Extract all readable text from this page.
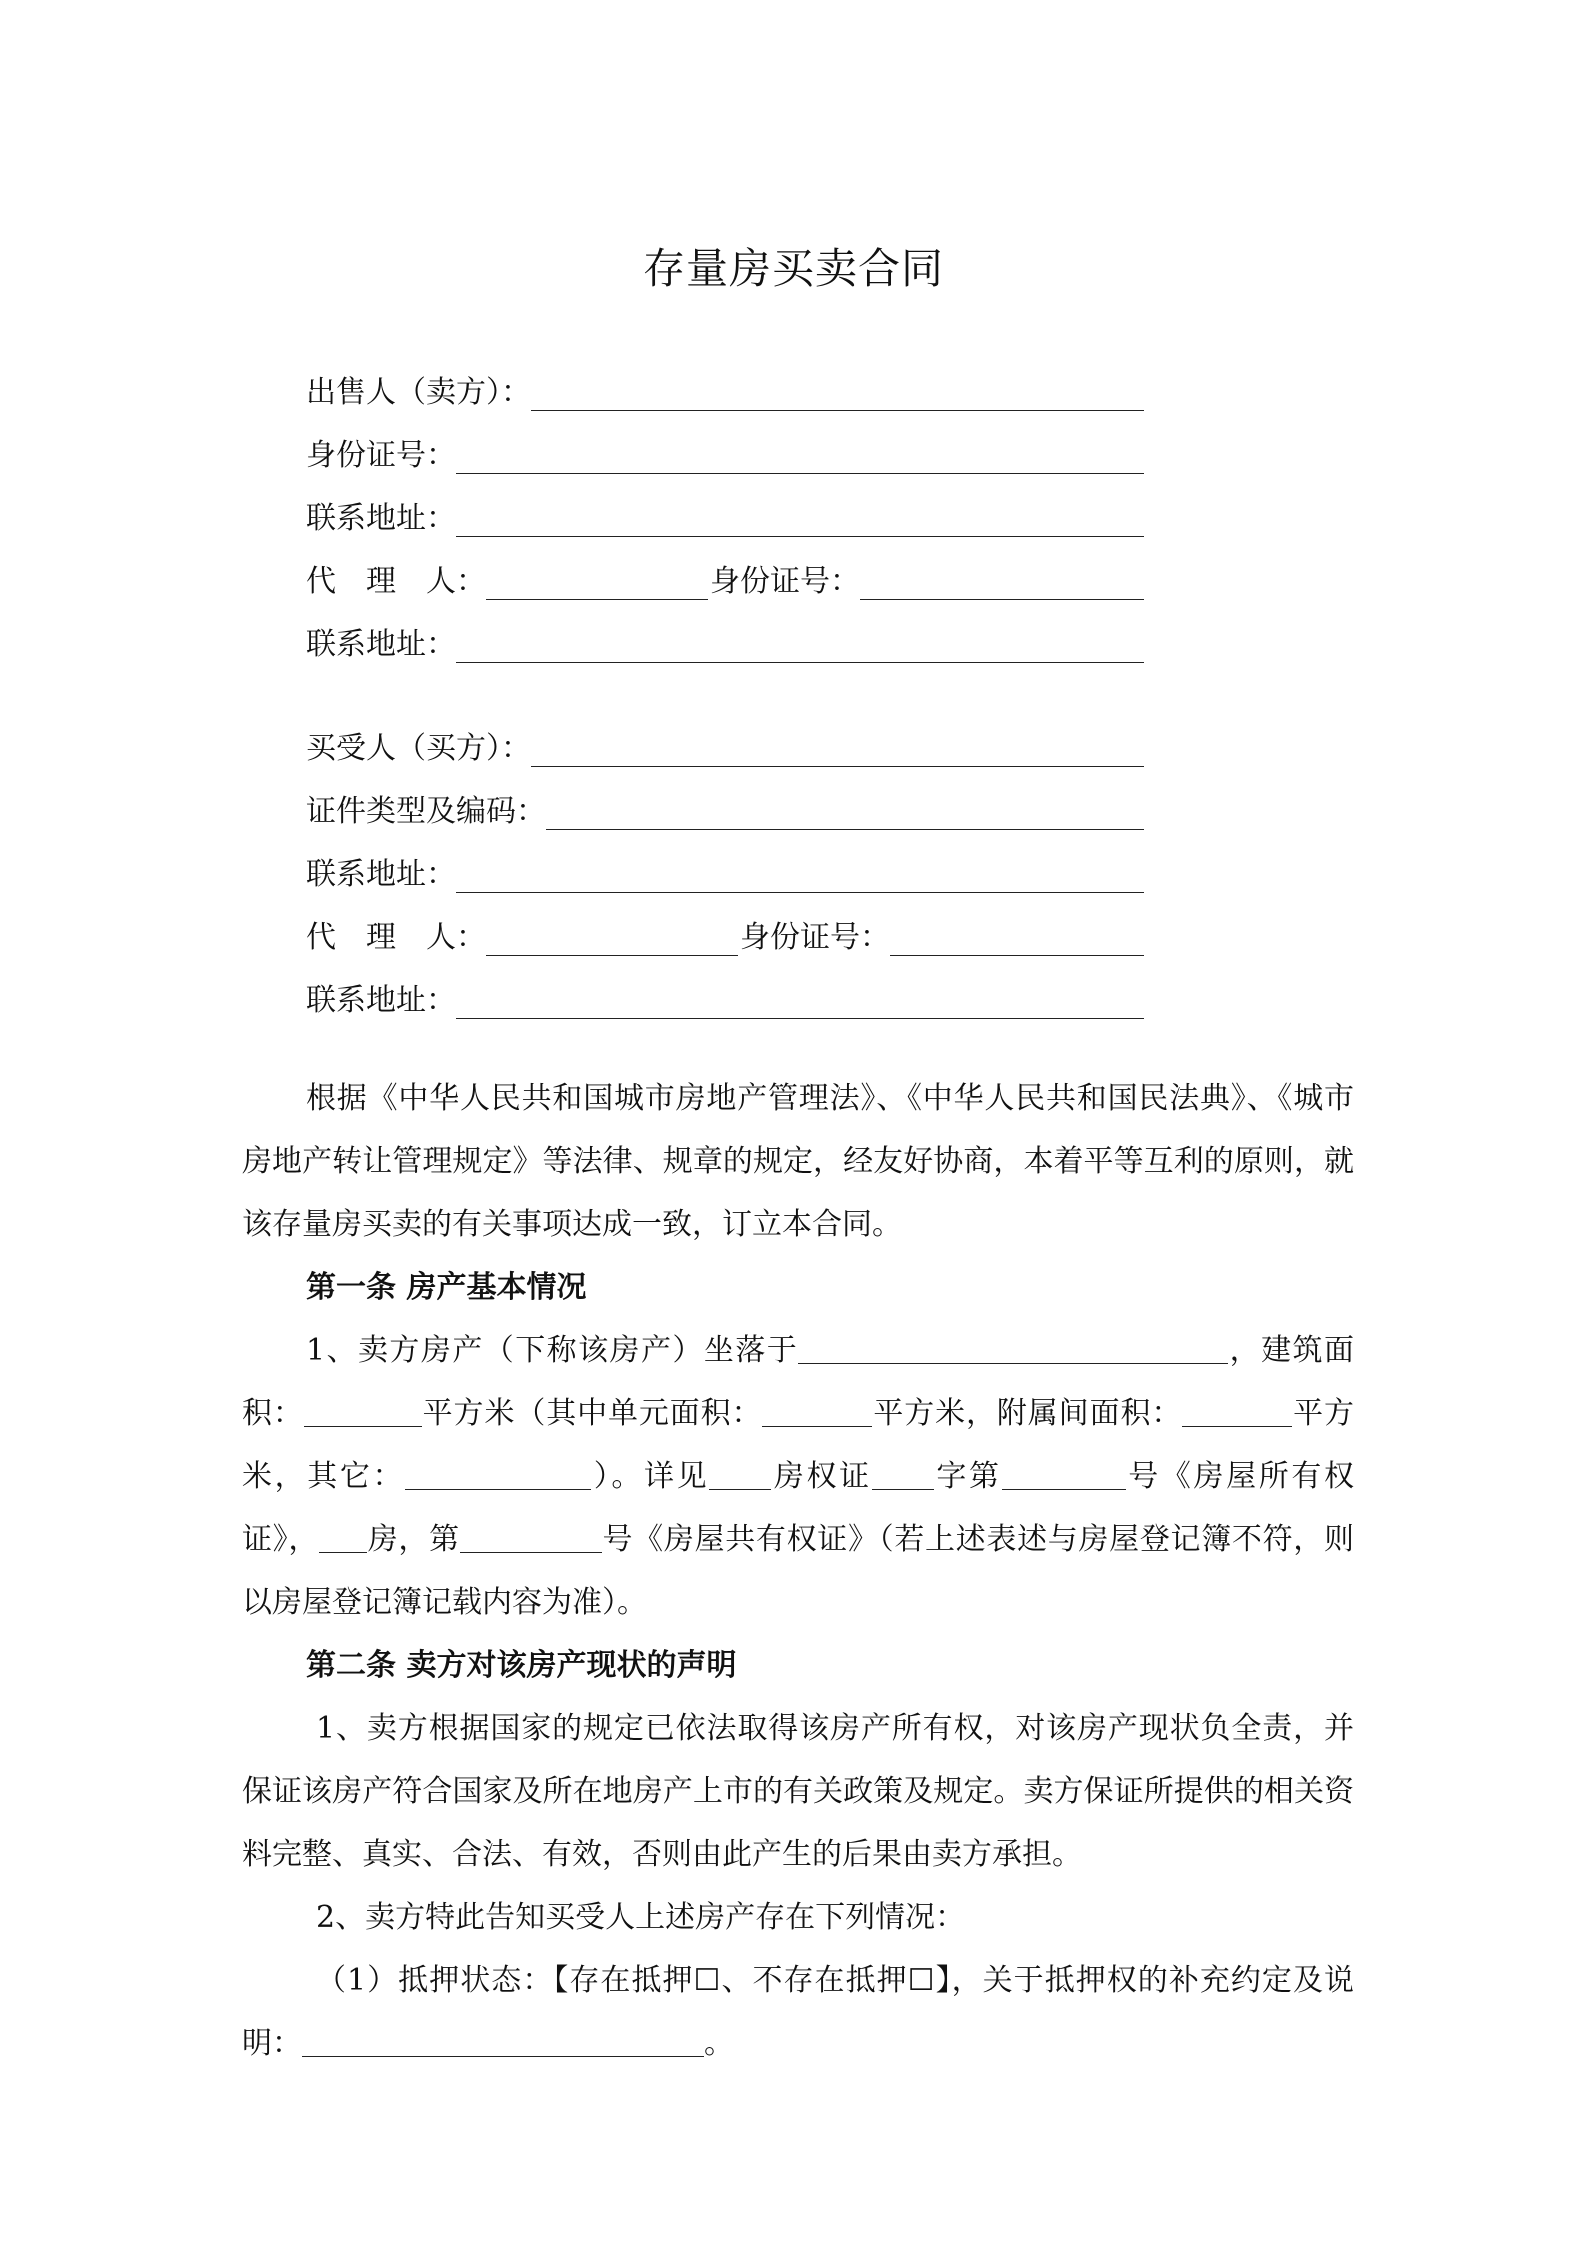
存量房买卖合同
出售人（卖方）：
身份证号：
联系地址：
代　理　人：	身份证号：
联系地址：
买受人（买方）：
证件类型及编码：
联系地址：
代　理　人：	身份证号：
联系地址：

根据《中华人民共和国城市房地产管理法》、《中华人民共和国民法典》、《城市房地产转让管理规定》等法律、规章的规定，经友好协商，本着平等互利的原则，就该存量房买卖的有关事项达成一致，订立本合同。

第一条 房产基本情况

1、卖方房产（下称该房产）坐落于	，建筑面积：	平方米（其中单元面积：	平方米，附属间面积：	平方米，其它：	）。详见 房权证 字第	号《房屋所有权证》， 房，第	号《房屋共有权证》（若上述表述与房屋登记簿不符，则以房屋登记簿记载内容为准）。

第二条 卖方对该房产现状的声明

1、卖方根据国家的规定已依法取得该房产所有权，对该房产现状负全责，并保证该房产符合国家及所在地房产上市的有关政策及规定。卖方保证所提供的相关资料完整、真实、合法、有效，否则由此产生的后果由卖方承担。

2、卖方特此告知买受人上述房产存在下列情况：

（1）抵押状态：【存在抵押☐、不存在抵押☐】，关于抵押权的补充约定及说明：	。
